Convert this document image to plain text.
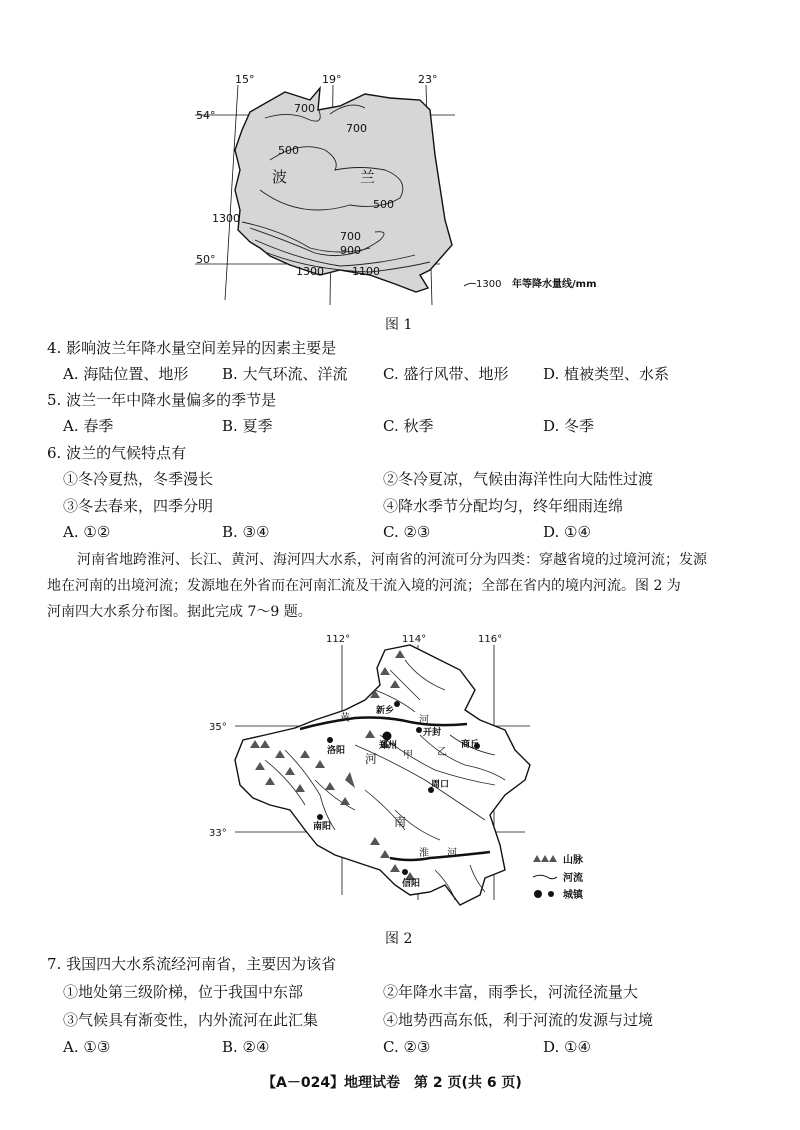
15°	19°	23°
54°
50°
700
700
500
500
1300
700
900
1300	1100
波	兰
1300 年等降水量线/mm
图 1
4. 影响波兰年降水量空间差异的因素主要是
A. 海陆位置、地形 B. 大气环流、洋流 C. 盛行风带、地形 D. 植被类型、水系
5. 波兰一年中降水量偏多的季节是
A. 春季	B. 夏季	C. 秋季	D. 冬季
6. 波兰的气候特点有
①冬冷夏热，冬季漫长	②冬冷夏凉，气候由海洋性向大陆性过渡
③冬去春来，四季分明	④降水季节分配均匀，终年细雨连绵
A. ①②	B. ③④	C. ②③	D. ①④
河南省地跨淮河、长江、黄河、海河四大水系，河南省的河流可分为四类：穿越省境的过境河流；发源
地在河南的出境河流；发源地在外省而在河南汇流及干流入境的河流；全部在省内的境内河流。图 2 为
河南四大水系分布图。据此完成 7～9 题。
新乡
洛阳	郑州
开封
商丘
周口
南阳
信阳
黄	河
淮 河
甲 乙
河
南
112°	114°	116°
35°
33°
山脉
河流
城镇
图 2
7. 我国四大水系流经河南省，主要因为该省
①地处第三级阶梯，位于我国中东部	②年降水丰富，雨季长，河流径流量大
③气候具有渐变性，内外流河在此汇集	④地势西高东低，利于河流的发源与过境
A. ①③	B. ②④	C. ②③	D. ①④
【A－024】地理试卷　第 2 页(共 6 页)
